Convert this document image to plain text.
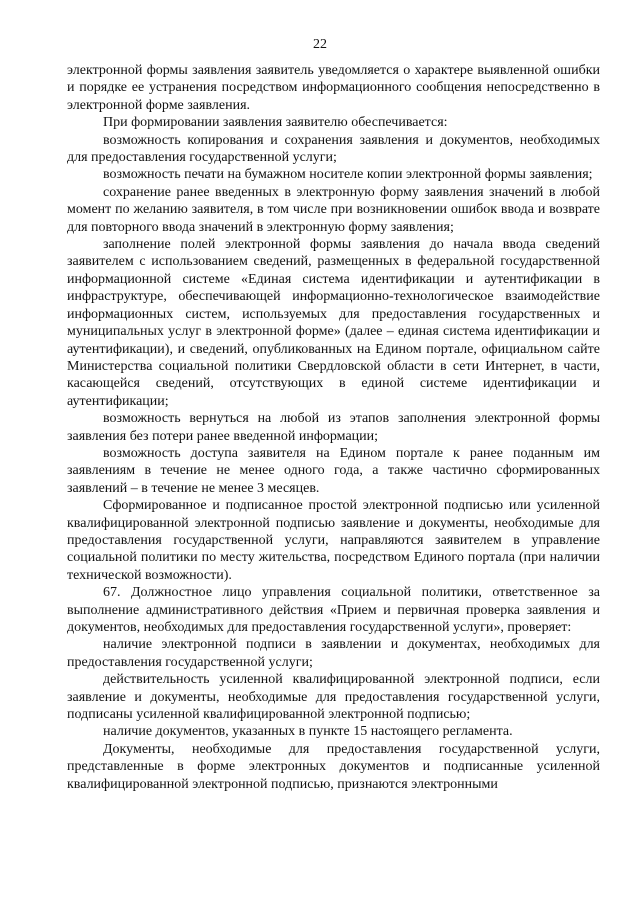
22

электронной формы заявления заявитель уведомляется о характере выявленной ошибки и порядке ее устранения посредством информационного сообщения непосредственно в электронной форме заявления.

При формировании заявления заявителю обеспечивается:

возможность копирования и сохранения заявления и документов, необходимых для предоставления государственной услуги;

возможность печати на бумажном носителе копии электронной формы заявления;

сохранение ранее введенных в электронную форму заявления значений в любой момент по желанию заявителя, в том числе при возникновении ошибок ввода и возврате для повторного ввода значений в электронную форму заявления;

заполнение полей электронной формы заявления до начала ввода сведений заявителем с использованием сведений, размещенных в федеральной государственной информационной системе «Единая система идентификации и аутентификации в инфраструктуре, обеспечивающей информационно-технологическое взаимодействие информационных систем, используемых для предоставления государственных и муниципальных услуг в электронной форме» (далее – единая система идентификации и аутентификации), и сведений, опубликованных на Едином портале, официальном сайте Министерства социальной политики Свердловской области в сети Интернет, в части, касающейся сведений, отсутствующих в единой системе идентификации и аутентификации;

возможность вернуться на любой из этапов заполнения электронной формы заявления без потери ранее введенной информации;

возможность доступа заявителя на Едином портале к ранее поданным им заявлениям в течение не менее одного года, а также частично сформированных заявлений – в течение не менее 3 месяцев.

Сформированное и подписанное простой электронной подписью или усиленной квалифицированной электронной подписью заявление и документы, необходимые для предоставления государственной услуги, направляются заявителем в управление социальной политики по месту жительства, посредством Единого портала (при наличии технической возможности).

67. Должностное лицо управления социальной политики, ответственное за выполнение административного действия «Прием и первичная проверка заявления и документов, необходимых для предоставления государственной услуги», проверяет:

наличие электронной подписи в заявлении и документах, необходимых для предоставления государственной услуги;

действительность усиленной квалифицированной электронной подписи, если заявление и документы, необходимые для предоставления государственной услуги, подписаны усиленной квалифицированной электронной подписью;

наличие документов, указанных в пункте 15 настоящего регламента.

Документы, необходимые для предоставления государственной услуги, представленные в форме электронных документов и подписанные усиленной квалифицированной электронной подписью, признаются электронными
